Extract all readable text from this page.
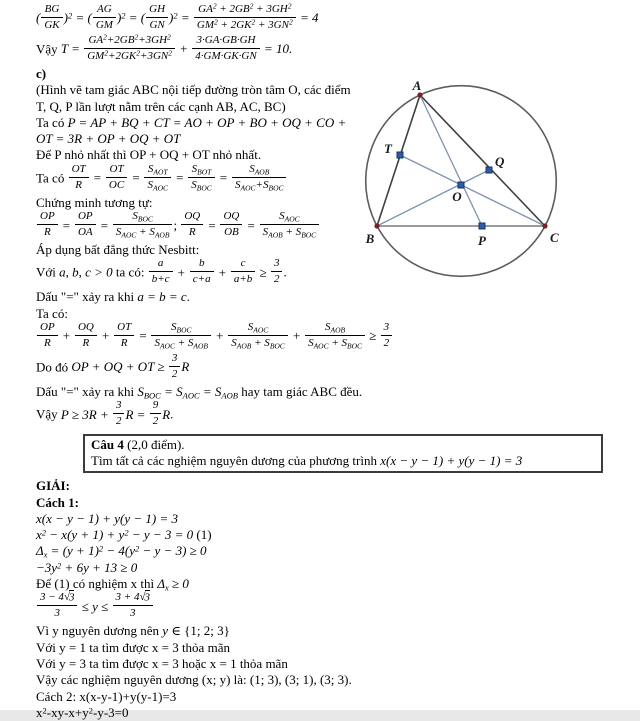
( $\frac{BG}{GK} )^2$ = ( $\frac{AG}{GM} )^2$ = ( $\frac{GH}{GN} )^2 = \frac{GA^2 + 2GB^2 + 3GH^2}{GM^2 + 2GK^2 + 3GN^2} = 4$
Vậy $T = \frac{GA^2+2GB^2+3GH^2}{GM^2+2GK^2+3GN^2} + \frac{3\cdot GA\cdot GB\cdot GH}{4\cdot GM\cdot GK\cdot GN} = 10$.
c)
(Hình vẽ tam giác ABC nội tiếp đường tròn tâm O, các điểm T, Q, P lần lượt nằm trên các cạnh AB, AC, BC)
Ta có P = AP + BQ + CT = AO + OP + BO + OQ + CO + OT = 3R + OP + OQ + OT
Để P nhỏ nhất thì OP + OQ + OT nhỏ nhất.
Ta có $\frac{OT}{R} = \frac{OT}{OC}$ =
$S_{AOT}$
$S_{AOC}$
=
$S_{BOT}$
$S_{BOC}$
=
$S_{AOB}$
$S_{AOC}+S_{BOC}$
Chứng minh tương tự:
$\frac{OP}{R} = \frac{OP}{OA}$ =
$S_{BOC}$
$S_{AOC} + S_{AOB}$
; $\frac{OQ}{R} = \frac{OQ}{OB}$ =
$S_{AOC}$
$S_{AOB} + S_{BOC}$
Áp dụng bất đẳng thức Nesbitt:
Với a, b, c > 0 ta có: $\frac{a}{b+c} + \frac{b}{c+a} + \frac{c}{a+b} \ge \frac{3}{2}$ .
Dấu "=" xảy ra khi a = b = c.
Ta có:
$\frac{OP}{R} + \frac{OQ}{R} + \frac{OT}{R}$ =
$S_{BOC}$
$S_{AOC} + S_{AOB}$
+
$S_{AOC}$
$S_{AOB} + S_{BOC}$
+
$S_{AOB}$
$S_{AOC} + S_{BOC}$
≥ $\frac{3}{2}$
Do đó OP + OQ + OT ≥ $\frac{3}{2}$ R
Dấu "=" xảy ra khi $S_{BOC} = S_{AOC} = S_{AOB}$ hay tam giác ABC đều.
Vậy $P \ge 3R + \frac{3}{2}$ $R = \frac{9}{2} R$.
Câu 4 (2,0 điểm).
Tìm tất cả các nghiệm nguyên dương của phương trình x(x − y − 1) + y(y − 1) = 3
GIẢI:
Cách 1:
x(x − y − 1) + y(y − 1) = 3
$x^2 - x(y + 1) + y^2 - y - 3 = 0$ (1)
$\Delta_x = (y + 1)^2 - 4(y^2 - y - 3) \ge 0$
$-3y^2 + 6y + 13 \ge 0$
Để (1) có nghiệm x thì $\Delta_x \ge 0$
$\frac{3 - 4√3}{3} \le y \le \frac{3 + 4√3}{3}$
Vì y nguyên dương nên y ∈ {1; 2; 3}
Với y = 1 ta tìm được x = 3 thỏa mãn
Với y = 3 ta tìm được x = 3 hoặc x = 1 thỏa mãn
Vậy các nghiệm nguyên dương (x; y) là: (1; 3), (3; 1), (3; 3).
Cách 2: x(x-y-1)+y(y-1)=3
$x^2-xy-x+y^2-y-3=0$
A
T
Q
O
B	P	C
